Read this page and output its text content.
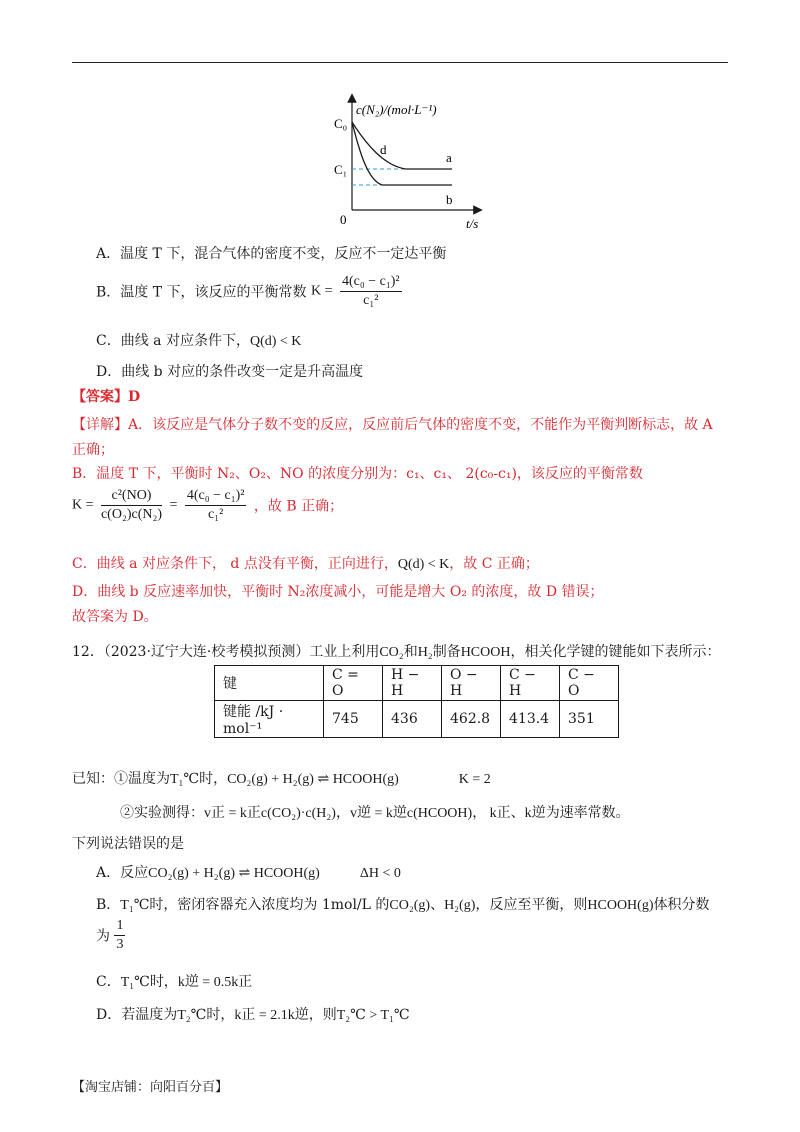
c(N₂)/(mol·L⁻¹)
C₀
C₁
0	t/s
a
b
d
A．温度 T 下，混合气体的密度不变，反应不一定达平衡
B．温度 T 下，该反应的平衡常数 $K = \frac{\text{4(c₀ − c₁)²}}{\text{c₁²}}$
C．曲线 a 对应条件下，Q(d) < K
D．曲线 b 对应的条件改变一定是升高温度
【答案】D
【详解】A．该反应是气体分子数不变的反应，反应前后气体的密度不变，不能作为平衡判断标志，故 A
正确；
B．温度 T 下，平衡时 N₂、O₂、NO 的浓度分别为：c₁、c₁、 2(c₀-c₁)，该反应的平衡常数
$K = \frac{\text{c²(NO)}}{\text{c(O₂)c(N₂)}} = \frac{\text{4(c₀ − c₁)²}}{\text{c₁²}}$ ，故 B 正确；
C．曲线 a 对应条件下， d 点没有平衡，正向进行，Q(d) < K，故 C 正确；
D．曲线 b 反应速率加快，平衡时 N₂浓度减小，可能是增大 O₂ 的浓度，故 D 错误；
故答案为 D。
12．（2023·辽宁大连·校考模拟预测）工业上利用CO₂和H₂制备HCOOH，相关化学键的键能如下表所示：
键	C = O	H − H	O − H	C − H	C − O
键能 /kJ · mol⁻¹	745	436	462.8	413.4	351
已知：①温度为T₁℃时，CO₂(g) + H₂(g) ⇌ HCOOH(g)	K = 2
②实验测得：v正 = k正c(CO₂)·c(H₂)，v逆 = k逆c(HCOOH)， k正、k逆为速率常数。
下列说法错误的是
A．反应CO₂(g) + H₂(g) ⇌ HCOOH(g)	ΔH < 0
B．T₁℃时，密闭容器充入浓度均为 1mol/L 的CO₂(g)、H₂(g)，反应至平衡，则HCOOH(g)体积分数
为 $\frac{1}{3}$
C．T₁℃时，k逆 = 0.5k正
D．若温度为T₂℃时，k正 = 2.1k逆，则T₂℃ > T₁℃
【淘宝店铺：向阳百分百】
